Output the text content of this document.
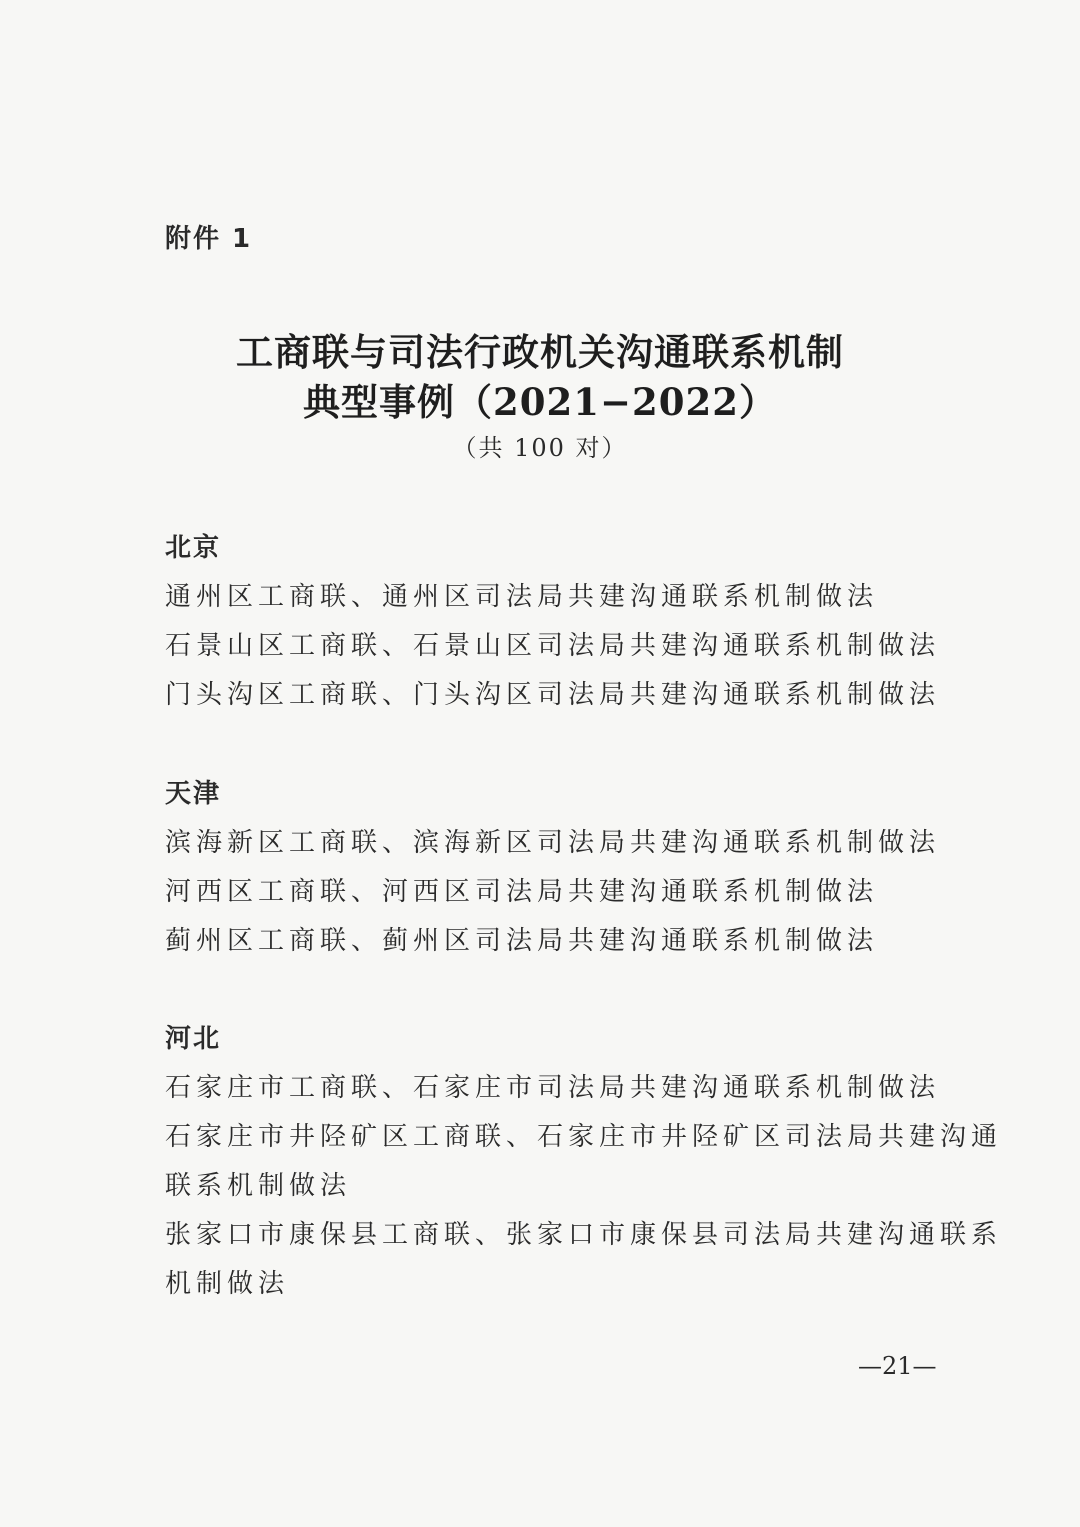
附件 1
工商联与司法行政机关沟通联系机制
典型事例（2021−2022）
（共 100 对）
北京
通州区工商联、通州区司法局共建沟通联系机制做法
石景山区工商联、石景山区司法局共建沟通联系机制做法
门头沟区工商联、门头沟区司法局共建沟通联系机制做法
天津
滨海新区工商联、滨海新区司法局共建沟通联系机制做法
河西区工商联、河西区司法局共建沟通联系机制做法
蓟州区工商联、蓟州区司法局共建沟通联系机制做法
河北
石家庄市工商联、石家庄市司法局共建沟通联系机制做法
石家庄市井陉矿区工商联、石家庄市井陉矿区司法局共建沟通
联系机制做法
张家口市康保县工商联、张家口市康保县司法局共建沟通联系
机制做法
—21—
